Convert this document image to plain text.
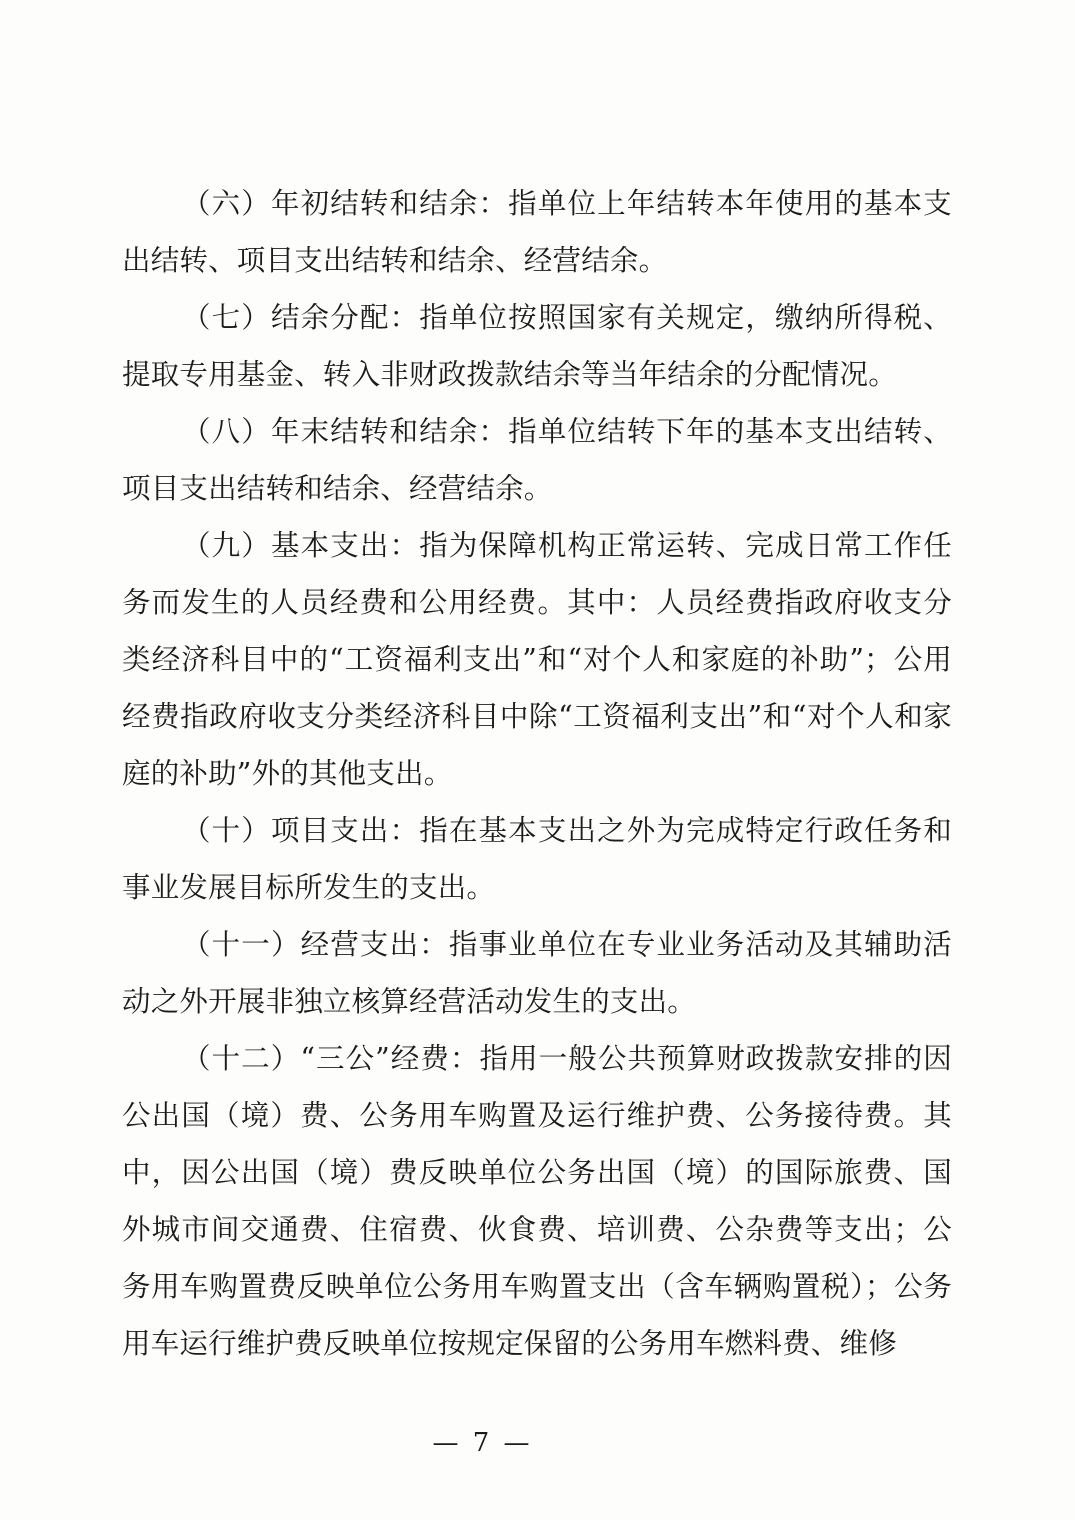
（六）年初结转和结余：指单位上年结转本年使用的基本支出结转、项目支出结转和结余、经营结余。

（七）结余分配：指单位按照国家有关规定，缴纳所得税、提取专用基金、转入非财政拨款结余等当年结余的分配情况。

（八）年末结转和结余：指单位结转下年的基本支出结转、项目支出结转和结余、经营结余。

（九）基本支出：指为保障机构正常运转、完成日常工作任务而发生的人员经费和公用经费。其中：人员经费指政府收支分类经济科目中的“工资福利支出”和“对个人和家庭的补助”；公用经费指政府收支分类经济科目中除“工资福利支出”和“对个人和家庭的补助”外的其他支出。

（十）项目支出：指在基本支出之外为完成特定行政任务和事业发展目标所发生的支出。

（十一）经营支出：指事业单位在专业业务活动及其辅助活动之外开展非独立核算经营活动发生的支出。

（十二）“三公”经费：指用一般公共预算财政拨款安排的因公出国（境）费、公务用车购置及运行维护费、公务接待费。其中，因公出国（境）费反映单位公务出国（境）的国际旅费、国外城市间交通费、住宿费、伙食费、培训费、公杂费等支出；公务用车购置费反映单位公务用车购置支出（含车辆购置税）；公务用车运行维护费反映单位按规定保留的公务用车燃料费、维修

— 7 —
